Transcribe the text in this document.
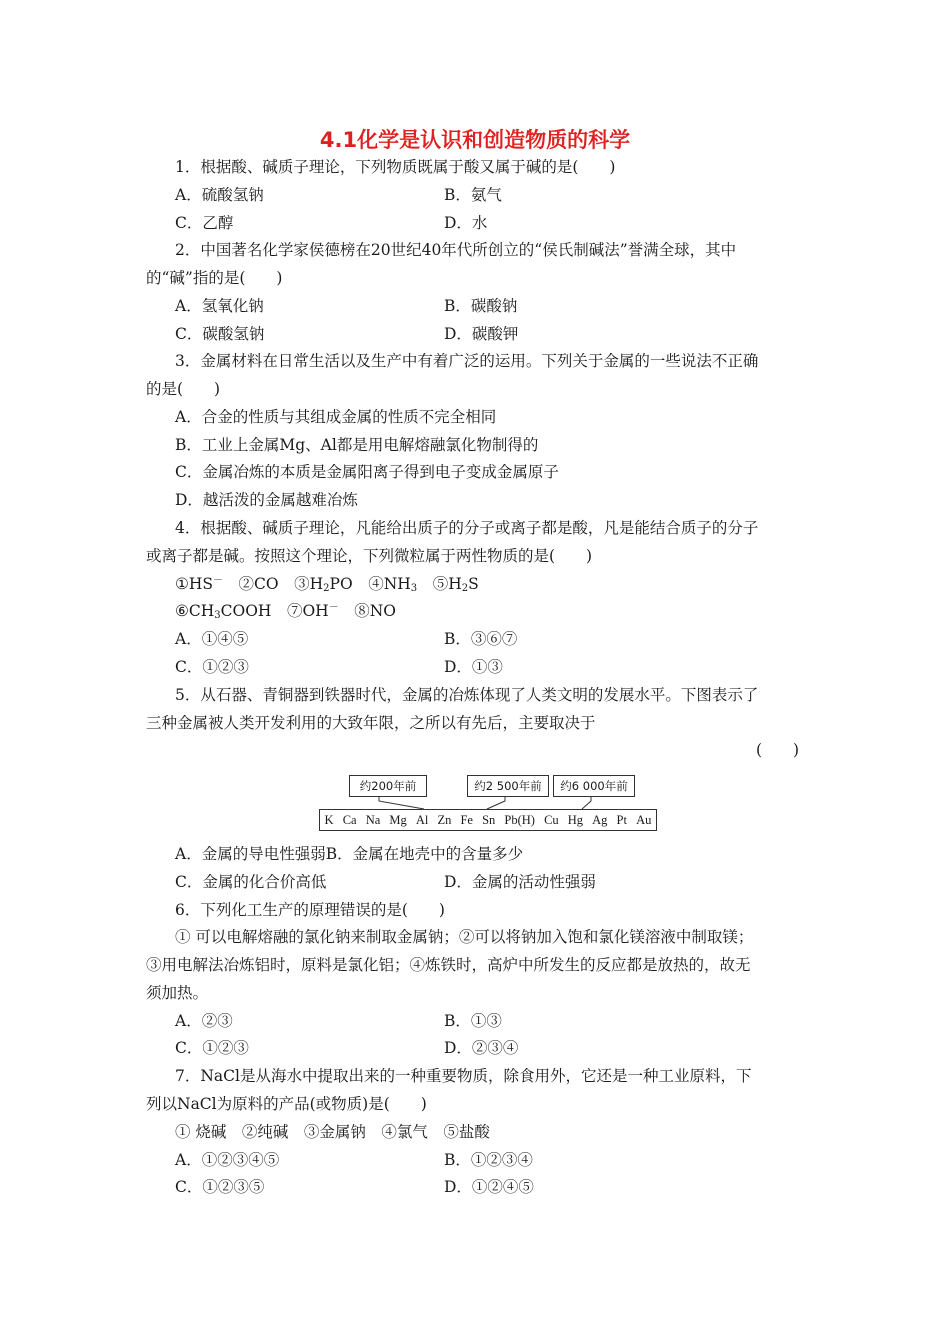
4.1化学是认识和创造物质的科学
1．根据酸、碱质子理论，下列物质既属于酸又属于碱的是(　　)
A．硫酸氢钠	B．氨气
C．乙醇	D．水
2．中国著名化学家侯德榜在20世纪40年代所创立的“侯氏制碱法”誉满全球，其中
的“碱”指的是(　　)
A．氢氧化钠	B．碳酸钠
C．碳酸氢钠	D．碳酸钾
3．金属材料在日常生活以及生产中有着广泛的运用。下列关于金属的一些说法不正确
的是(　　)
A．合金的性质与其组成金属的性质不完全相同
B．工业上金属Mg、Al都是用电解熔融氯化物制得的
C．金属冶炼的本质是金属阳离子得到电子变成金属原子
D．越活泼的金属越难冶炼
4．根据酸、碱质子理论，凡能给出质子的分子或离子都是酸，凡是能结合质子的分子
或离子都是碱。按照这个理论，下列微粒属于两性物质的是(　　)
①HS－　 ②CO　 $③H_2PO$　 $④NH_3$　 $⑤H_2S$
$⑥CH_3COOH$　 ⑦OH－　 ⑧NO
A．①④⑤	B．③⑥⑦
C．①②③	D．①③
5．从石器、青铜器到铁器时代，金属的冶炼体现了人类文明的发展水平。下图表示了
三种金属被人类开发利用的大致年限，之所以有先后，主要取决于
(　　)
约200年前	约2 500年前	约6 000年前
K Ca Na Mg Al Zn Fe Sn Pb(H) Cu Hg Ag Pt Au
A．金属的导电性强弱B．金属在地壳中的含量多少
C．金属的化合价高低	D．金属的活动性强弱
6．下列化工生产的原理错误的是(　　)
① 可以电解熔融的氯化钠来制取金属钠；②可以将钠加入饱和氯化镁溶液中制取镁；
③用电解法冶炼铝时，原料是氯化铝；④炼铁时，高炉中所发生的反应都是放热的，故无
须加热。
A．②③	B．①③
C．①②③	D．②③④
7．NaCl是从海水中提取出来的一种重要物质，除食用外，它还是一种工业原料，下
列以NaCl为原料的产品(或物质)是(　　)
① 烧碱　②纯碱　③金属钠　④氯气　⑤盐酸
A．①②③④⑤	B．①②③④
C．①②③⑤	D．①②④⑤
